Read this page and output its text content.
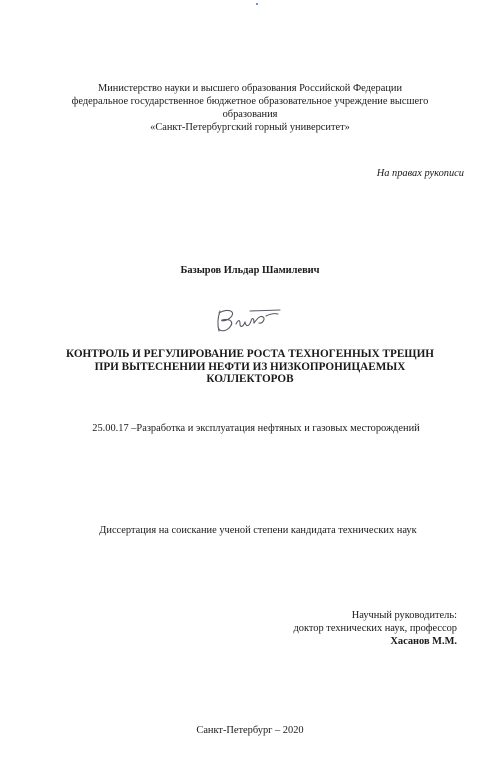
Министерство науки и высшего образования Российской Федерации
федеральное государственное бюджетное образовательное учреждение высшего
образования
«Санкт-Петербургский горный университет»
На правах рукописи
Базыров Ильдар Шамилевич
КОНТРОЛЬ И РЕГУЛИРОВАНИЕ РОСТА ТЕХНОГЕННЫХ ТРЕЩИН
ПРИ ВЫТЕСНЕНИИ НЕФТИ ИЗ НИЗКОПРОНИЦАЕМЫХ
КОЛЛЕКТОРОВ
25.00.17 –Разработка и эксплуатация нефтяных и газовых месторождений
Диссертация на соискание ученой степени кандидата технических наук
Научный руководитель:
доктор технических наук, профессор
Хасанов М.М.
Санкт-Петербург – 2020
